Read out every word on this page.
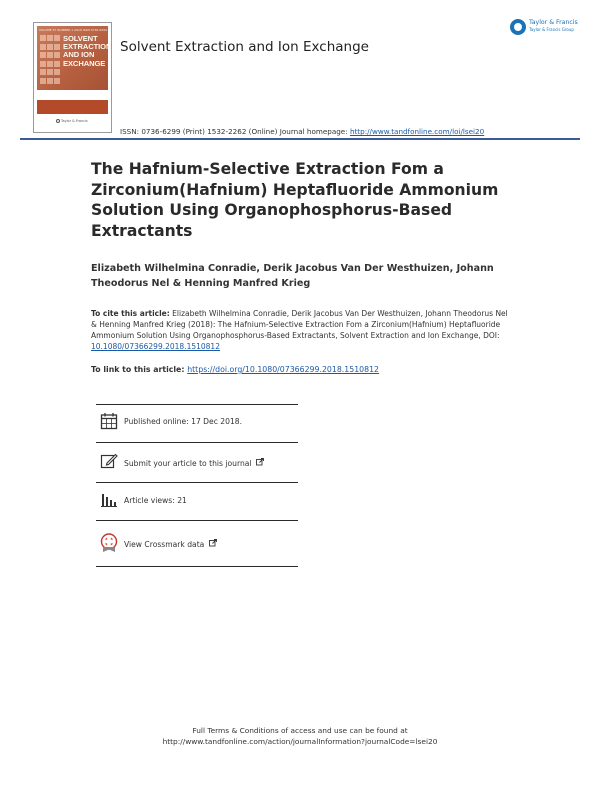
VOLUME 37 NUMBER 1 2019 ISSN 0736-6299
SOLVENT EXTRACTION AND ION EXCHANGE
Taylor & Francis
Solvent Extraction and Ion Exchange
Taylor & Francis
Taylor & Francis Group
ISSN: 0736-6299 (Print) 1532-2262 (Online) Journal homepage: http://www.tandfonline.com/loi/lsei20
The Hafnium-Selective Extraction Fom a Zirconium(Hafnium) Heptafluoride Ammonium Solution Using Organophosphorus-Based Extractants
Elizabeth Wilhelmina Conradie, Derik Jacobus Van Der Westhuizen, Johann Theodorus Nel & Henning Manfred Krieg
To cite this article: Elizabeth Wilhelmina Conradie, Derik Jacobus Van Der Westhuizen, Johann Theodorus Nel & Henning Manfred Krieg (2018): The Hafnium-Selective Extraction Fom a Zirconium(Hafnium) Heptafluoride Ammonium Solution Using Organophosphorus-Based Extractants, Solvent Extraction and Ion Exchange, DOI: 10.1080/07366299.2018.1510812
To link to this article: https://doi.org/10.1080/07366299.2018.1510812
Published online: 17 Dec 2018.
Submit your article to this journal
Article views: 21
View Crossmark data
Full Terms & Conditions of access and use can be found at
http://www.tandfonline.com/action/journalInformation?journalCode=lsei20
